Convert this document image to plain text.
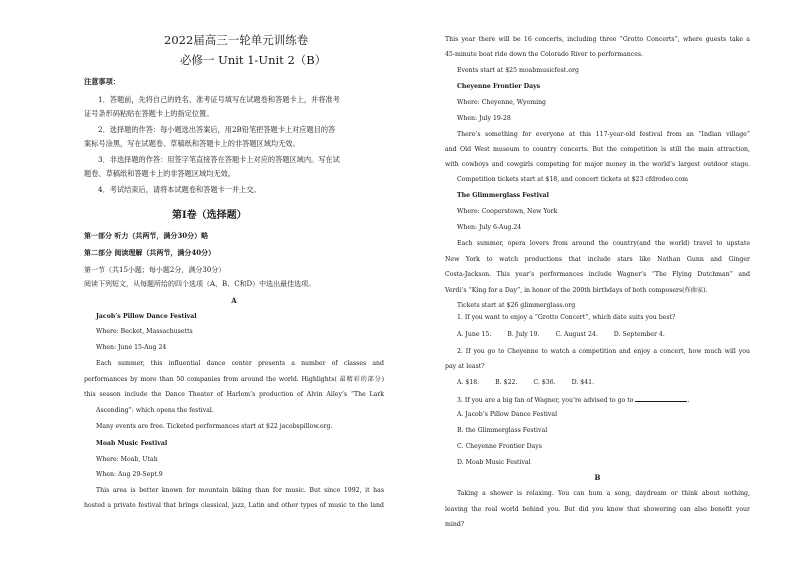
2022届高三一轮单元训练卷
必修一 Unit 1-Unit 2（B）
注意事项：
1．答题前，先将自己的姓名、准考证号填写在试题卷和答题卡上，并将准考
证号条形码粘贴在答题卡上的指定位置。
2．选择题的作答：每小题选出答案后，用2B铅笔把答题卡上对应题目的答
案标号涂黑，写在试题卷、草稿纸和答题卡上的非答题区域均无效。
3．非选择题的作答：用签字笔直接答在答题卡上对应的答题区域内。写在试
题卷、草稿纸和答题卡上的非答题区域均无效。
4．考试结束后，请将本试题卷和答题卡一并上交。
第Ⅰ卷（选择题）
第一部分 听力（共两节，满分30分）略
第二部分 阅读理解（共两节，满分40分）
第一节（共15小题；每小题2分，满分30分）
阅读下列短文，从每题所给的四个选项（A、B、C和D）中选出最佳选项。
A
Jacob’s Pillow Dance Festival
Where: Becket, Massachusetts
When: June 15-Aug 24
Each summer, this influential dance center presents a number of classes and
performances by more than 50 companies from around the world. Highlights( 最精彩的部分)
this season include the Dance Theater of Harlem’s production of Alvin Ailey’s “The Lark
Ascending”: which opens the festival.
Many events are free. Ticketed performances start at $22 jacobspillow.org.
Moab Music Festival
Where: Moab, Utah
When: Aug 29-Sept.9
This area is better known for mountain biking than for music. But since 1992, it has
hosted a private festival that brings classical, jazz, Latin and other types of music to the land
This year there will be 16 concerts, including three “Grotto Concerts”, where guests take a
45-minute boat ride down the Colorado River to performances.
Events start at $25 moabmusicfest.org
Cheyenne Frontier Days
Where: Cheyenne, Wyoming
When: July 19-28
There’s something for everyone at this 117-year-old festival from an “Indian village”
and Old West museum to country concerts. But the competition is still the main attraction,
with cowboys and cowgirls competing for major money in the world’s largest outdoor stage.
Competition tickets start at $18, and concert tickets at $23 cfdrodeo.com
The Glimmerglass Festival
Where: Cooperstown, New York
When: July 6-Aug.24
Each summer, opera lovers from around the country(and the world) travel to upstate
New York to watch productions that include stars like Nathan Gunn and Ginger
Costa-Jackson. This year’s performances include Wagner’s “The Flying Dutchman” and
Verdi’s “King for a Day”, in honor of the 200th birthdays of both composers(作曲家).
Tickets start at $26 glimmerglass.org
1. If you want to enjoy a “Grotto Concert”, which date suits you best?
A. June 15.	B. July 19.	C. August 24.	D. September 4.
2. If you go to Cheyenne to watch a competition and enjoy a concert, how much will you
pay at least?
A. $18.	B. $22.	C. $36.	D. $41.
3. If you are a big fan of Wagner, you’re advised to go to	.
A. Jacob’s Pillow Dance Festival
B. the Glimmerglass Festival
C. Cheyenne Frontier Days
D. Moab Music Festival
B
Taking a shower is relaxing. You can hum a song, daydream or think about nothing,
leaving the real world behind you. But did you know that showering can also benefit your
mind?
